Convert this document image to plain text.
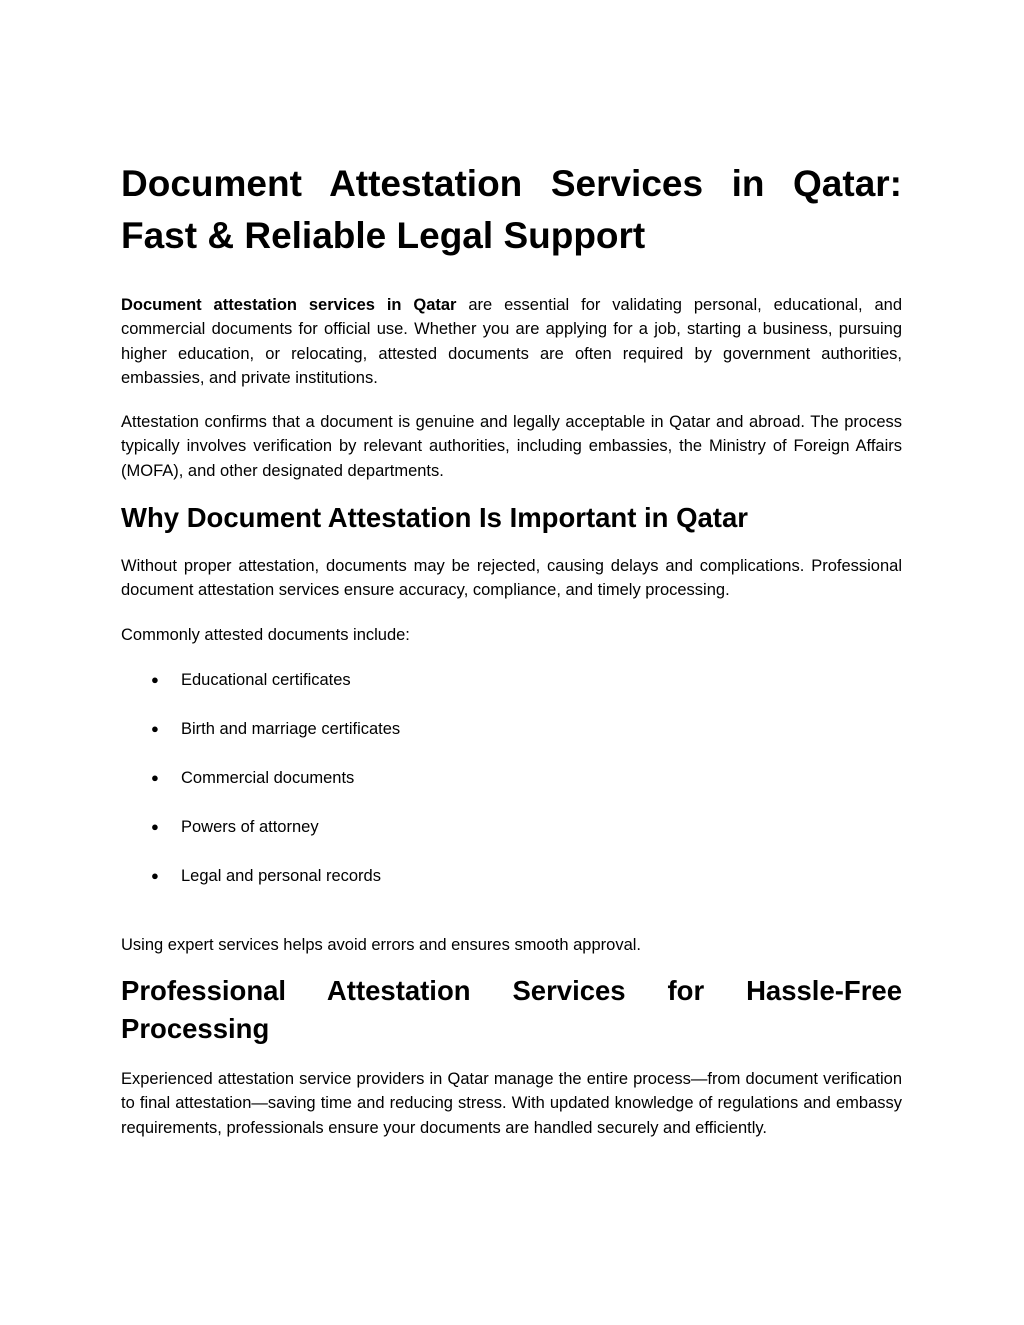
Document Attestation Services in Qatar: Fast & Reliable Legal Support

Document attestation services in Qatar are essential for validating personal, educational, and commercial documents for official use. Whether you are applying for a job, starting a business, pursuing higher education, or relocating, attested documents are often required by government authorities, embassies, and private institutions.

Attestation confirms that a document is genuine and legally acceptable in Qatar and abroad. The process typically involves verification by relevant authorities, including embassies, the Ministry of Foreign Affairs (MOFA), and other designated departments.

Why Document Attestation Is Important in Qatar

Without proper attestation, documents may be rejected, causing delays and complications. Professional document attestation services ensure accuracy, compliance, and timely processing.

Commonly attested documents include:

● Educational certificates
● Birth and marriage certificates
● Commercial documents
● Powers of attorney
● Legal and personal records

Using expert services helps avoid errors and ensures smooth approval.

Professional Attestation Services for Hassle-Free Processing

Experienced attestation service providers in Qatar manage the entire process—from document verification to final attestation—saving time and reducing stress. With updated knowledge of regulations and embassy requirements, professionals ensure your documents are handled securely and efficiently.
